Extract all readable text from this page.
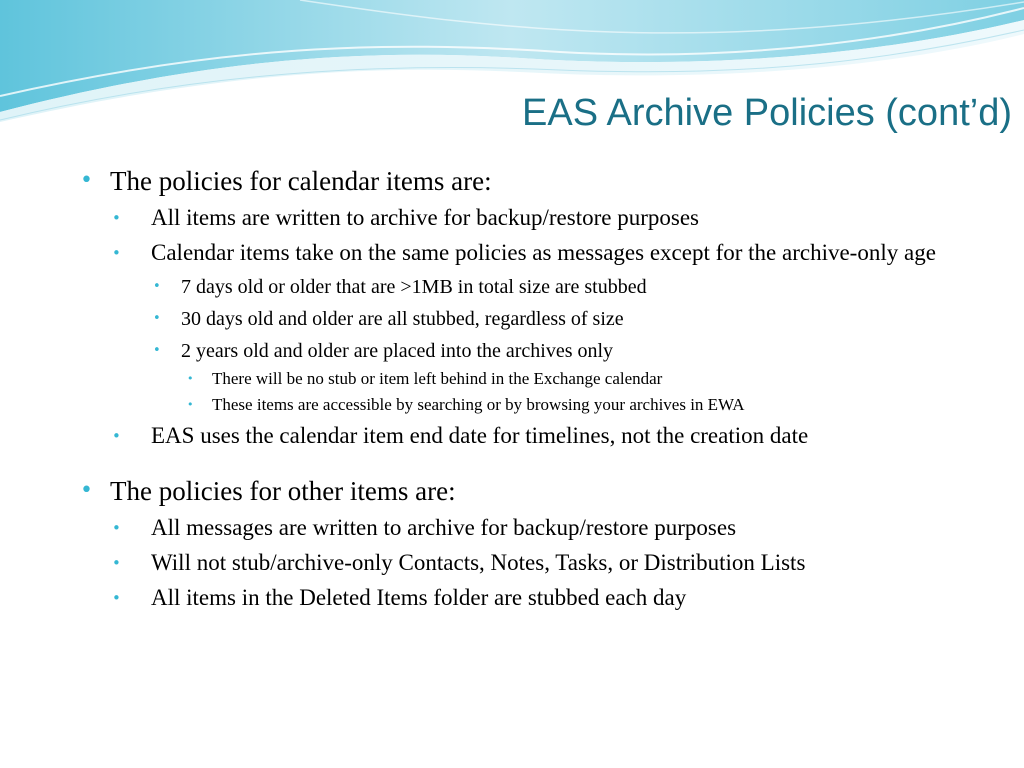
EAS Archive Policies (cont’d)
• The policies for calendar items are:
• All items are written to archive for backup/restore purposes
• Calendar items take on the same policies as messages except for the archive-only age
• 7 days old or older that are >1MB in total size are stubbed
• 30 days old and older are all stubbed, regardless of size
• 2 years old and older are placed into the archives only
• There will be no stub or item left behind in the Exchange calendar
• These items are accessible by searching or by browsing your archives in EWA
• EAS uses the calendar item end date for timelines, not the creation date
• The policies for other items are:
• All messages are written to archive for backup/restore purposes
• Will not stub/archive-only Contacts, Notes, Tasks, or Distribution Lists
• All items in the Deleted Items folder are stubbed each day
